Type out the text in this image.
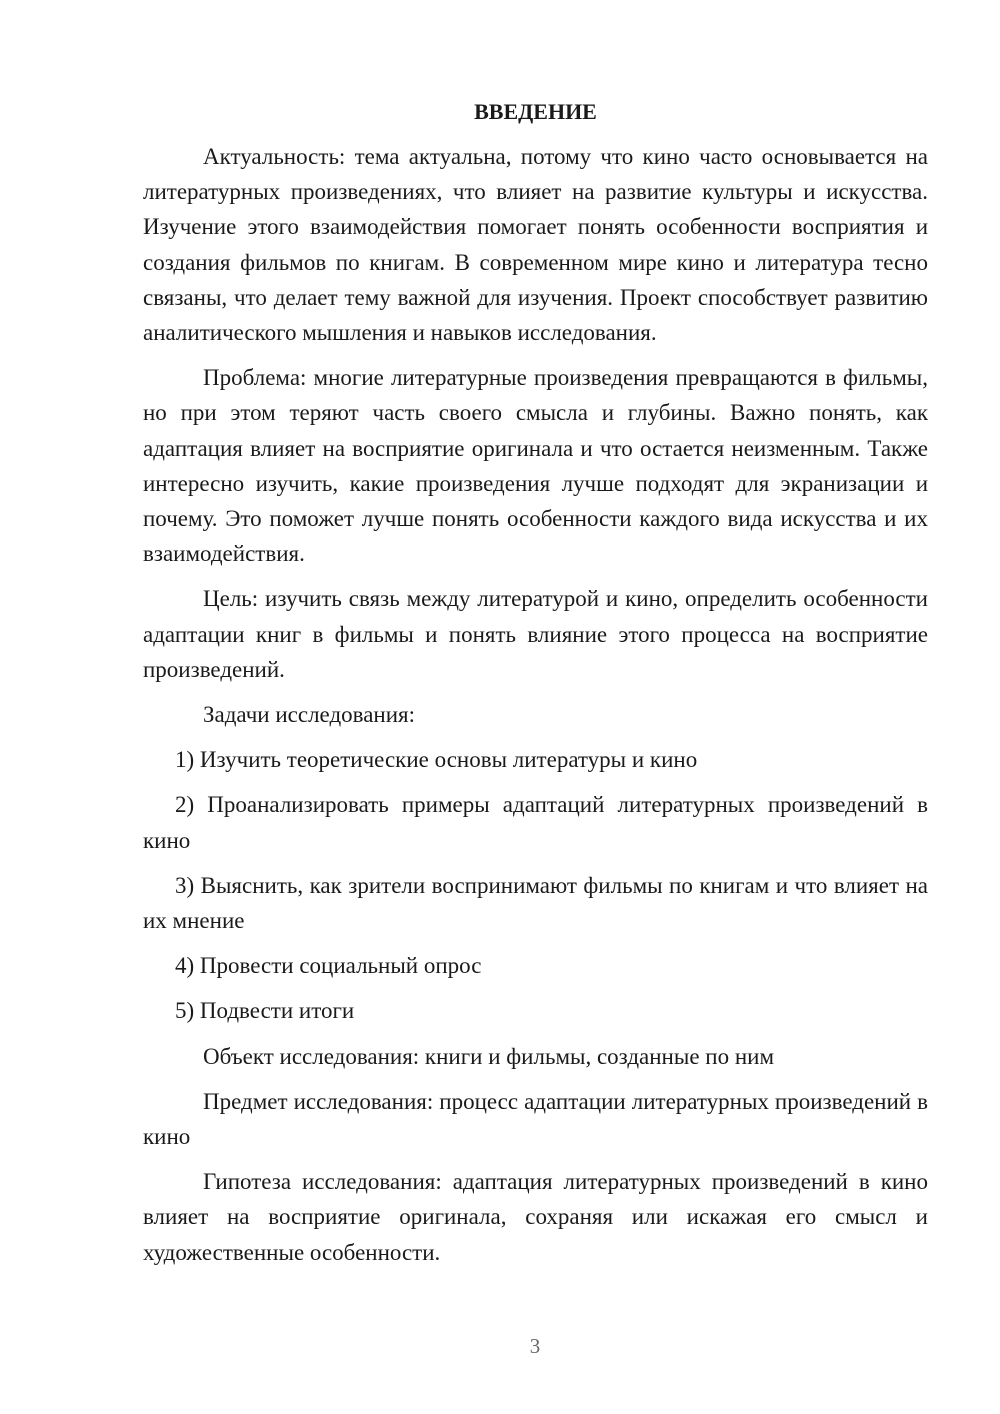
ВВЕДЕНИЕ

Актуальность: тема актуальна, потому что кино часто основывается на литературных произведениях, что влияет на развитие культуры и искусства. Изучение этого взаимодействия помогает понять особенности восприятия и создания фильмов по книгам. В современном мире кино и литература тесно связаны, что делает тему важной для изучения. Проект способствует развитию аналитического мышления и навыков исследования.

Проблема: многие литературные произведения превращаются в фильмы, но при этом теряют часть своего смысла и глубины. Важно понять, как адаптация влияет на восприятие оригинала и что остается неизменным. Также интересно изучить, какие произведения лучше подходят для экранизации и почему. Это поможет лучше понять особенности каждого вида искусства и их взаимодействия.

Цель: изучить связь между литературой и кино, определить особенности адаптации книг в фильмы и понять влияние этого процесса на восприятие произведений.

Задачи исследования:

1) Изучить теоретические основы литературы и кино

2) Проанализировать примеры адаптаций литературных произведений в кино

3) Выяснить, как зрители воспринимают фильмы по книгам и что влияет на их мнение

4) Провести социальный опрос

5) Подвести итоги

Объект исследования: книги и фильмы, созданные по ним

Предмет исследования: процесс адаптации литературных произведений в кино

Гипотеза исследования: адаптация литературных произведений в кино влияет на восприятие оригинала, сохраняя или искажая его смысл и художественные особенности.

3
